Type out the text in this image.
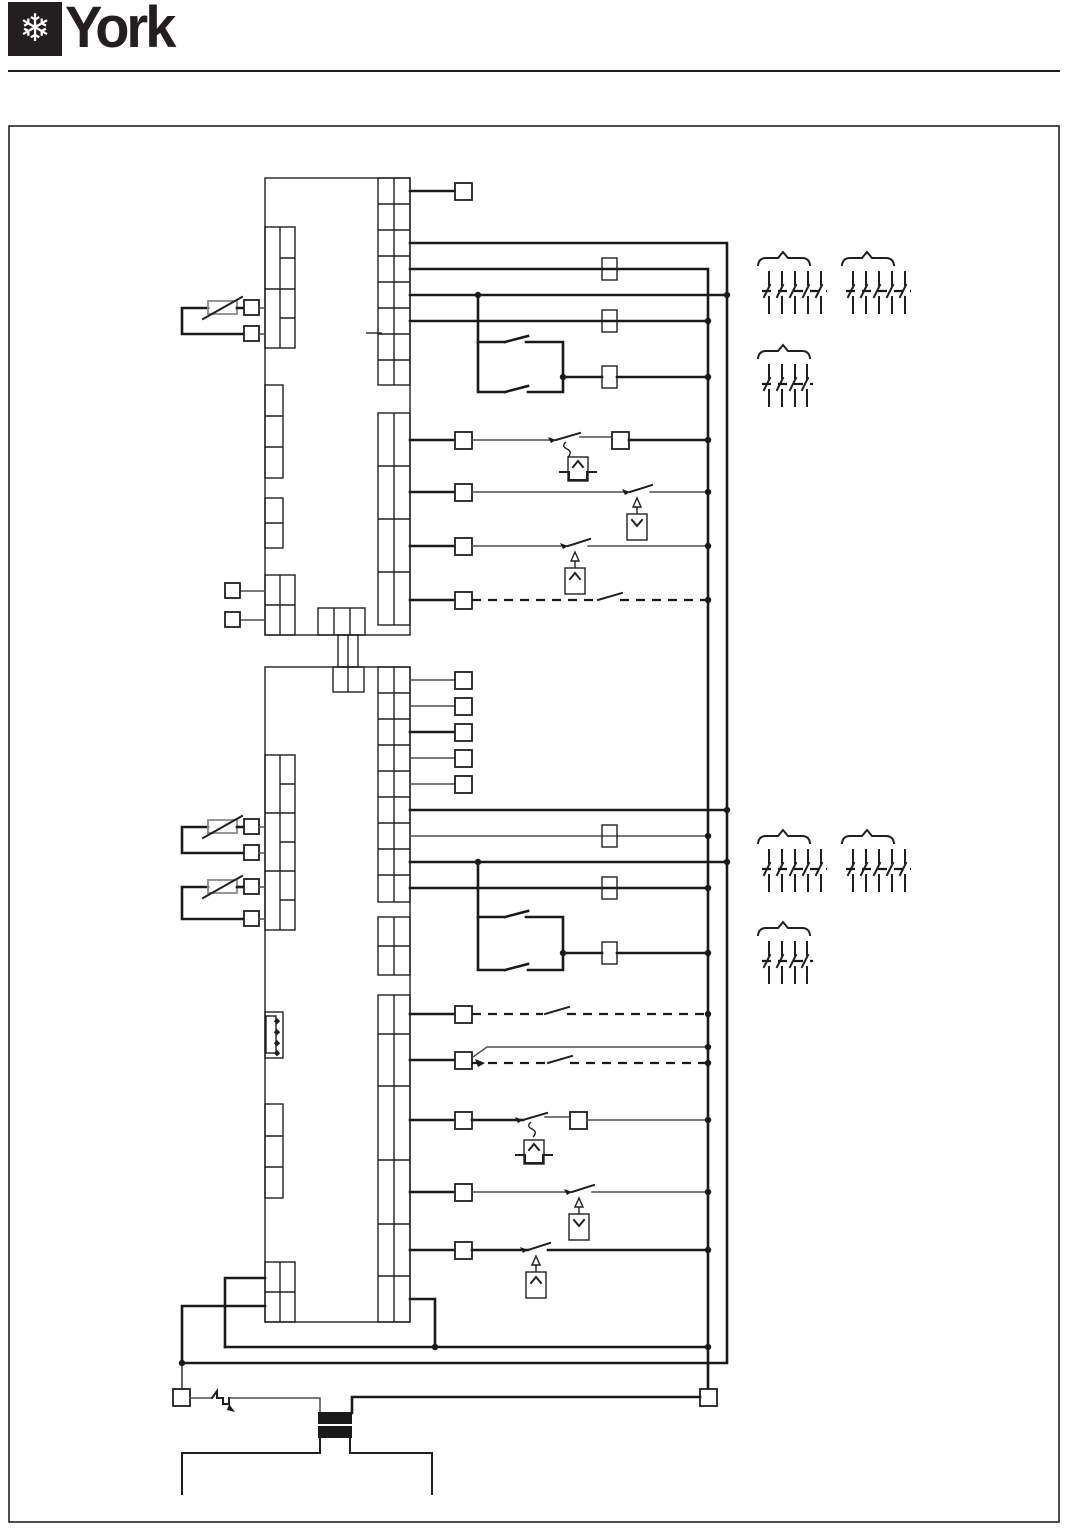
❄ York
